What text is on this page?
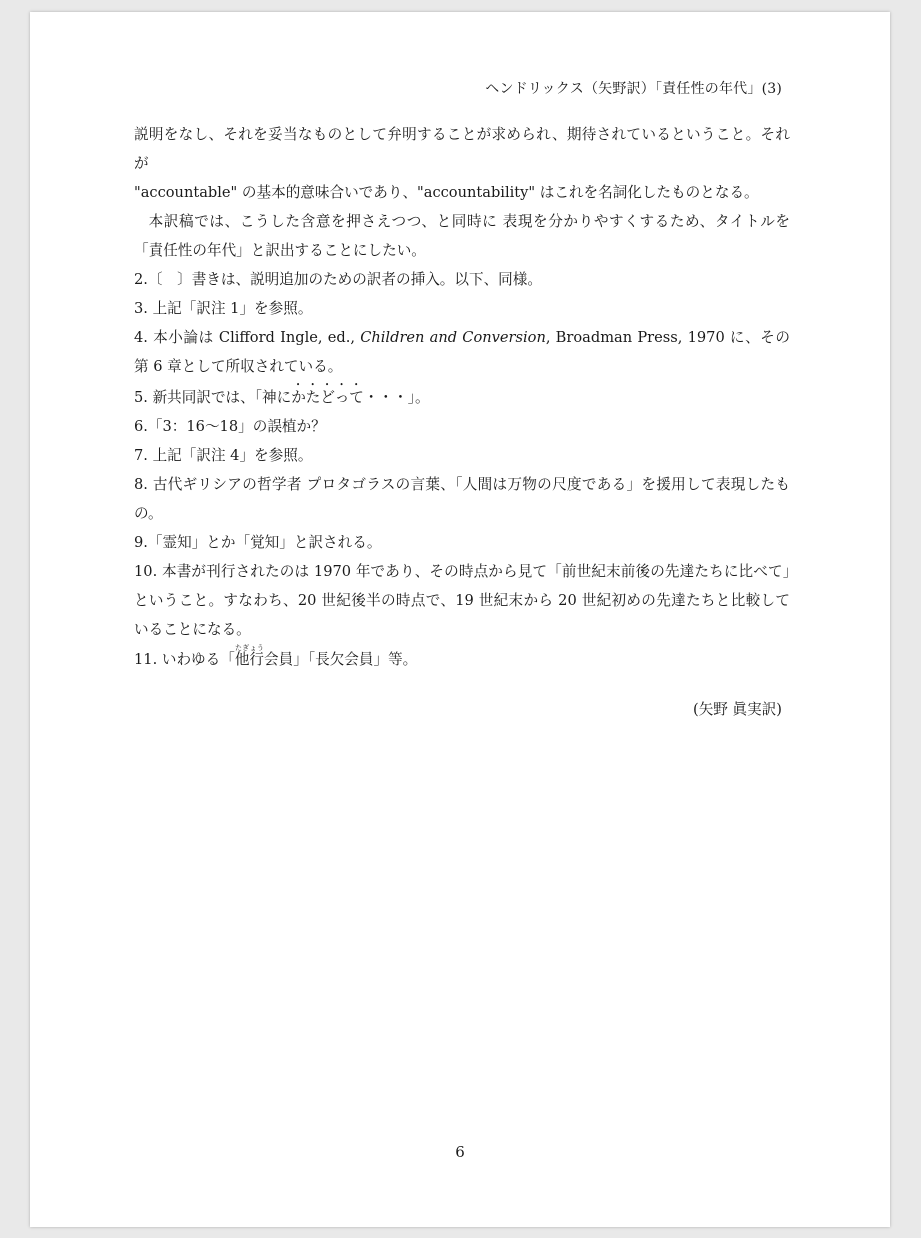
ヘンドリックス（矢野訳）「責任性の年代」(3)

説明をなし、それを妥当なものとして弁明することが求められ、期待されているということ。それが

"accountable" の基本的意味合いであり、"accountability" はこれを名詞化したものとなる。

本訳稿では、こうした含意を押さえつつ、と同時に 表現を分かりやすくするため、タイトルを「責任性の年代」と訳出することにしたい。

2.〔　〕書きは、説明追加のための訳者の挿入。以下、同様。

3. 上記「訳注 1」を参照。

4. 本小論は Clifford Ingle, ed., Children and Conversion, Broadman Press, 1970 に、その第 6 章として所収されている。

5. 新共同訳では、「神にかたどって・・・」。

6.「3：16〜18」の誤植か？

7. 上記「訳注 4」を参照。

8. 古代ギリシアの哲学者 プロタゴラスの言葉、「人間は万物の尺度である」を援用して表現したもの。

9.「霊知」とか「覚知」と訳される。

10. 本書が刊行されたのは 1970 年であり、その時点から見て「前世紀末前後の先達たちに比べて」ということ。すなわち、20 世紀後半の時点で、19 世紀末から 20 世紀初めの先達たちと比較していることになる。

11. いわゆる「他行たぎょう会員」「長欠会員」等。

(矢野 眞実訳)
6
